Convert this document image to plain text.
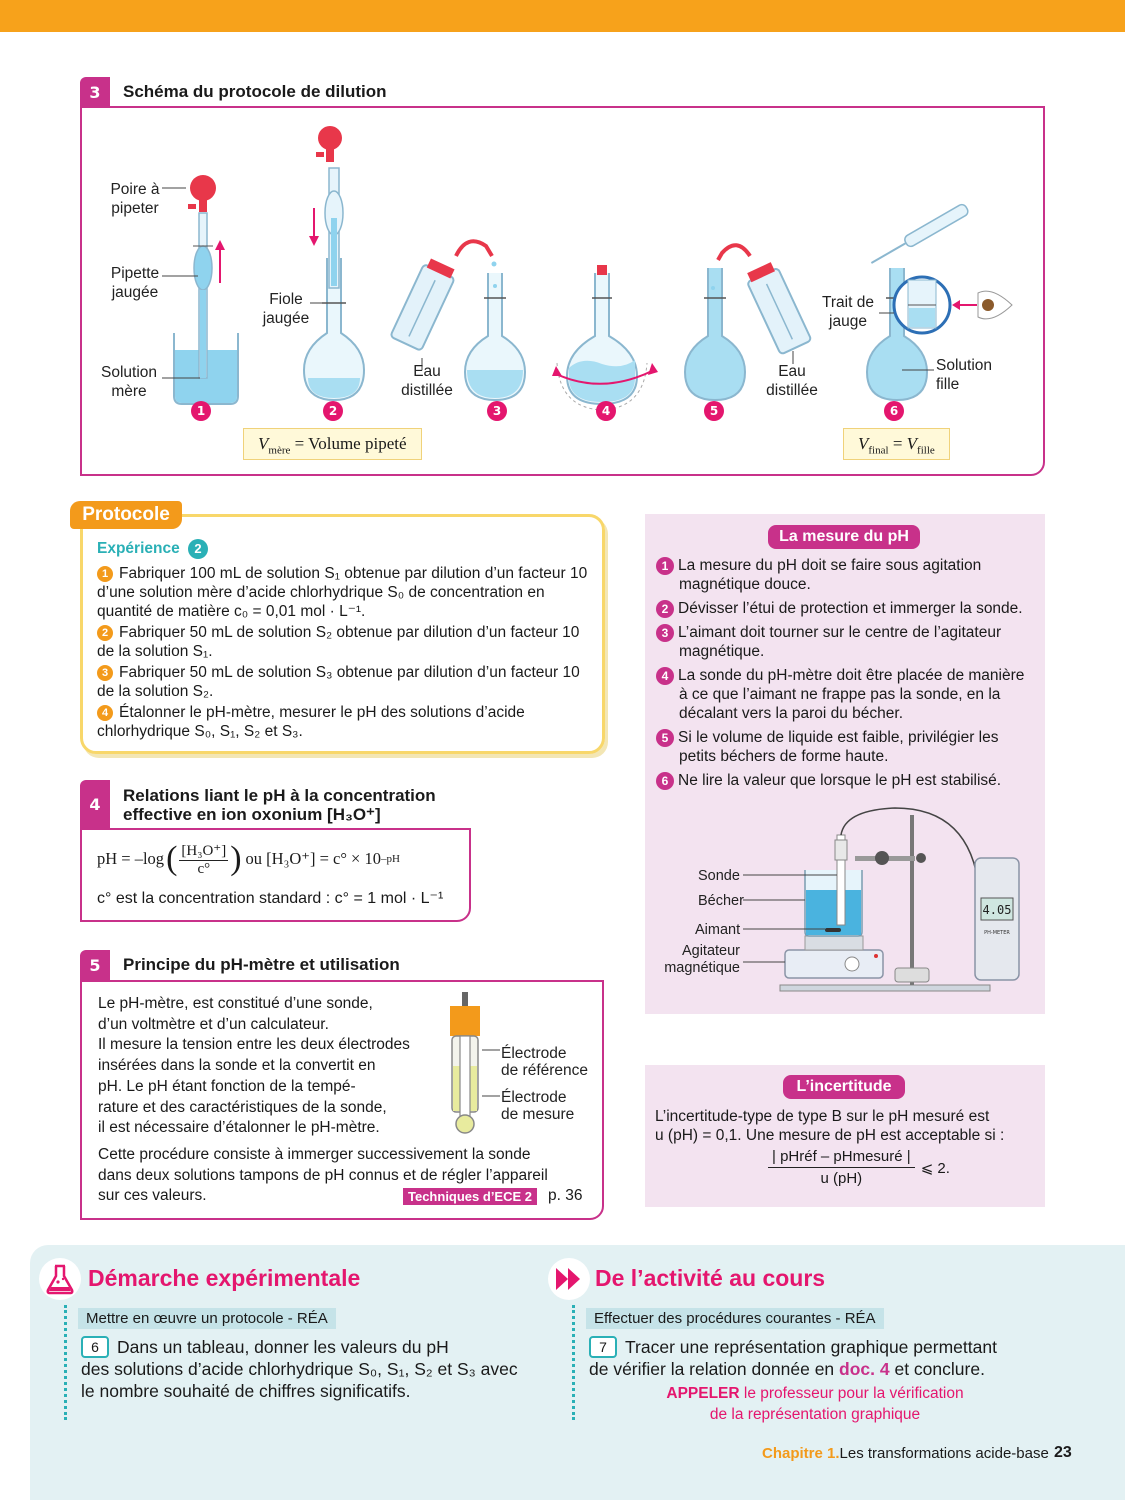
3	Schéma du protocole de dilution
Poire à
pipeter
Pipette
jaugée
Solution
mère
Fiole
jaugée
Eau
distillée
Eau
distillée
Trait de
jauge
Solution
fille
1	2	3	4	5	6
$V_{mère}$ = Volume pipeté	$V_{final} = V_{fille}$
Protocole
Expérience 2
1 Fabriquer 100 mL de solution S₁ obtenue par dilution d’un facteur 10 d’une solution mère d’acide chlorhydrique S₀ de concentration en quantité de matière c₀ = 0,01 mol · L⁻¹.
2 Fabriquer 50 mL de solution S₂ obtenue par dilution d’un facteur 10 de la solution S₁.
3 Fabriquer 50 mL de solution S₃ obtenue par dilution d’un facteur 10 de la solution S₂.
4 Étalonner le pH-mètre, mesurer le pH des solutions d’acide chlorhydrique S₀, S₁, S₂ et S₃.
4	Relations liant le pH à la concentration
effective en ion oxonium [H₃O⁺]
pH = –log ( [H₃O⁺]
c° ) ou [H₃O⁺] = c° × 10 –pH
c° est la concentration standard : c° = 1 mol · L⁻¹
5	Principe du pH-mètre et utilisation
Le pH-mètre, est constitué d’une sonde,
d’un voltmètre et d’un calculateur.
Il mesure la tension entre les deux électrodes
insérées dans la sonde et la convertit en
pH. Le pH étant fonction de la tempé-
rature et des caractéristiques de la sonde,
il est nécessaire d’étalonner le pH-mètre.
Électrode
de référence
Électrode
de mesure
Cette procédure consiste à immerger successivement la sonde
dans deux solutions tampons de pH connus et de régler l’appareil
sur ces valeurs.	Techniques d’ECE 2	p. 36
La mesure du pH
1 La mesure du pH doit se faire sous agitation
magnétique douce.
2 Dévisser l’étui de protection et immerger la sonde.
3 L’aimant doit tourner sur le centre de l’agitateur
magnétique.
4 La sonde du pH-mètre doit être placée de manière
à ce que l’aimant ne frappe pas la sonde, en la
décalant vers la paroi du bécher.
5 Si le volume de liquide est faible, privilégier les
petits béchers de forme haute.
6 Ne lire la valeur que lorsque le pH est stabilisé.
4.05
PH-METER
Sonde
Bécher
Aimant
Agitateur
magnétique
L’incertitude
L’incertitude-type de type B sur le pH mesuré est
u (pH) = 0,1. Une mesure de pH est acceptable si :
| pHréf – pHmesuré |
u (pH)
⩽ 2.
Démarche expérimentale
Mettre en œuvre un protocole - RÉA
6 Dans un tableau, donner les valeurs du pH
des solutions d’acide chlorhydrique S₀, S₁, S₂ et S₃ avec
le nombre souhaité de chiffres significatifs.
De l’activité au cours
Effectuer des procédures courantes - RÉA
7 Tracer une représentation graphique permettant
de vérifier la relation donnée en doc. 4 et conclure.
APPELER le professeur pour la vérification
de la représentation graphique
Chapitre 1.Les transformations acide-base 23
